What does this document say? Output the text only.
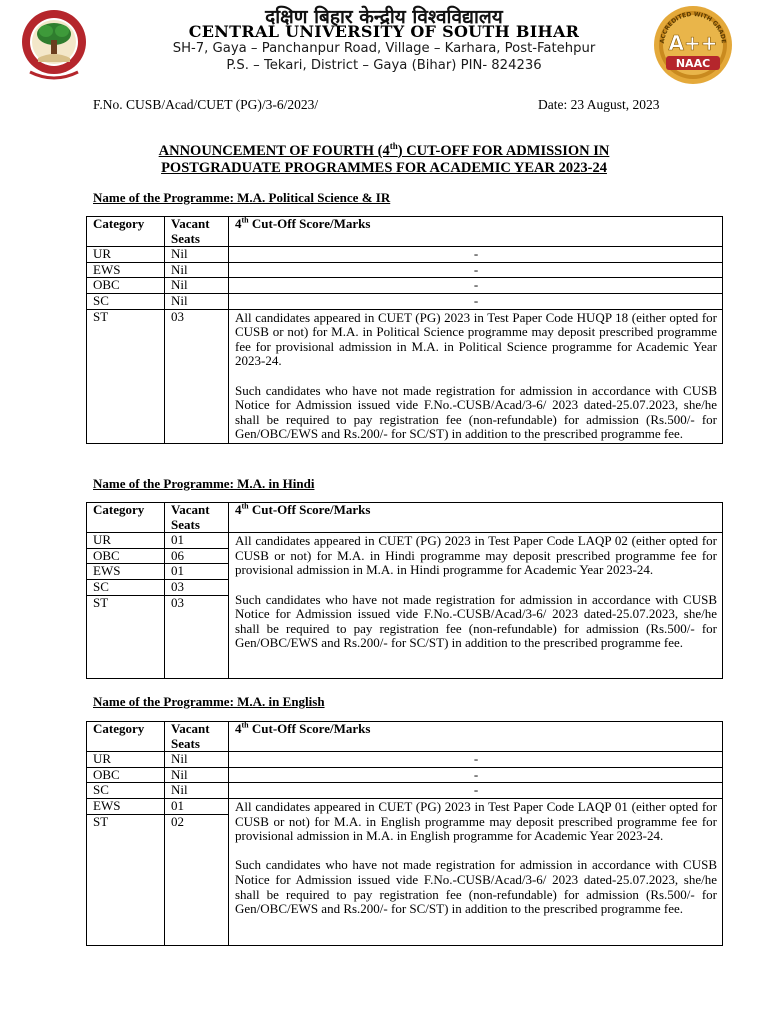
दक्षिण बिहार केन्द्रीय विश्वविद्यालय
CENTRAL UNIVERSITY OF SOUTH BIHAR
SH-7, Gaya – Panchanpur Road, Village – Karhara, Post-Fatehpur
P.S. – Tekari, District – Gaya (Bihar) PIN- 824236
ACCREDITED WITH GRADE
A++
NAAC
F.No. CUSB/Acad/CUET (PG)/3-6/2023/	Date: 23 August, 2023
ANNOUNCEMENT OF FOURTH (4th) CUT-OFF FOR ADMISSION IN
POSTGRADUATE PROGRAMMES FOR ACADEMIC YEAR 2023-24
Name of the Programme: M.A. Political Science & IR
Category	Vacant Seats	4th Cut-Off Score/Marks
UR	Nil	-
EWS	Nil	-
OBC	Nil	-
SC	Nil	-
ST	03	All candidates appeared in CUET (PG) 2023 in Test Paper Code HUQP 18 (either opted for CUSB or not) for M.A. in Political Science programme may deposit prescribed programme fee for provisional admission in M.A. in Political Science programme for Academic Year 2023-24.

Such candidates who have not made registration for admission in accordance with CUSB Notice for Admission issued vide F.No.-CUSB/Acad/3-6/ 2023 dated-25.07.2023, she/he shall be required to pay registration fee (non-refundable) for admission (Rs.500/- for Gen/OBC/EWS and Rs.200/- for SC/ST) in addition to the prescribed programme fee.

Name of the Programme: M.A. in Hindi
Category	Vacant Seats	4th Cut-Off Score/Marks
UR	01	All candidates appeared in CUET (PG) 2023 in Test Paper Code LAQP 02 (either opted for CUSB or not) for M.A. in Hindi programme may deposit prescribed programme fee for provisional admission in M.A. in Hindi programme for Academic Year 2023-24.

Such candidates who have not made registration for admission in accordance with CUSB Notice for Admission issued vide F.No.-CUSB/Acad/3-6/ 2023 dated-25.07.2023, she/he shall be required to pay registration fee (non-refundable) for admission (Rs.500/- for Gen/OBC/EWS and Rs.200/- for SC/ST) in addition to the prescribed programme fee.

OBC	06	
EWS	01	
SC	03	
ST	03	
Name of the Programme: M.A. in English
Category	Vacant Seats	4th Cut-Off Score/Marks
UR	Nil	-
OBC	Nil	-
SC	Nil	-
EWS	01	All candidates appeared in CUET (PG) 2023 in Test Paper Code LAQP 01 (either opted for CUSB or not) for M.A. in English programme may deposit prescribed programme fee for provisional admission in M.A. in English programme for Academic Year 2023-24.

Such candidates who have not made registration for admission in accordance with CUSB Notice for Admission issued vide F.No.-CUSB/Acad/3-6/ 2023 dated-25.07.2023, she/he shall be required to pay registration fee (non-refundable) for admission (Rs.500/- for Gen/OBC/EWS and Rs.200/- for SC/ST) in addition to the prescribed programme fee.

ST	02	
